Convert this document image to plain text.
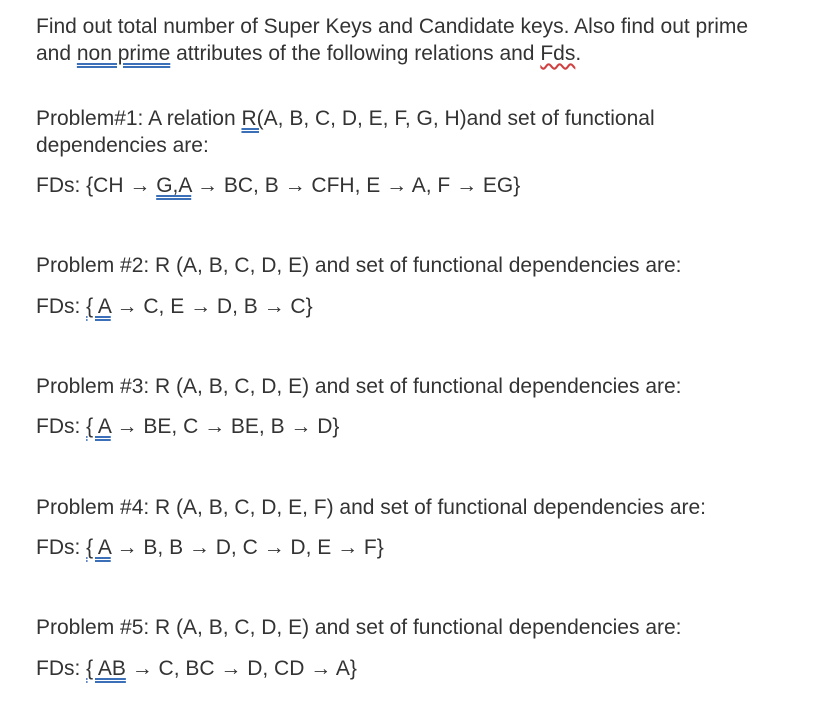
Find out total number of Super Keys and Candidate keys. Also find out prime
and non prime attributes of the following relations and Fds.
Problem#1: A relation R(A, B, C, D, E, F, G, H)and set of functional
dependencies are:
FDs: {CH → G,A → BC, B → CFH, E → A, F → EG}
Problem #2: R (A, B, C, D, E) and set of functional dependencies are:
FDs: { A → C, E → D, B → C}
Problem #3: R (A, B, C, D, E) and set of functional dependencies are:
FDs: { A → BE, C → BE, B → D}
Problem #4: R (A, B, C, D, E, F) and set of functional dependencies are:
FDs: { A → B, B → D, C → D, E → F}
Problem #5: R (A, B, C, D, E) and set of functional dependencies are:
FDs: { AB → C, BC → D, CD → A}
